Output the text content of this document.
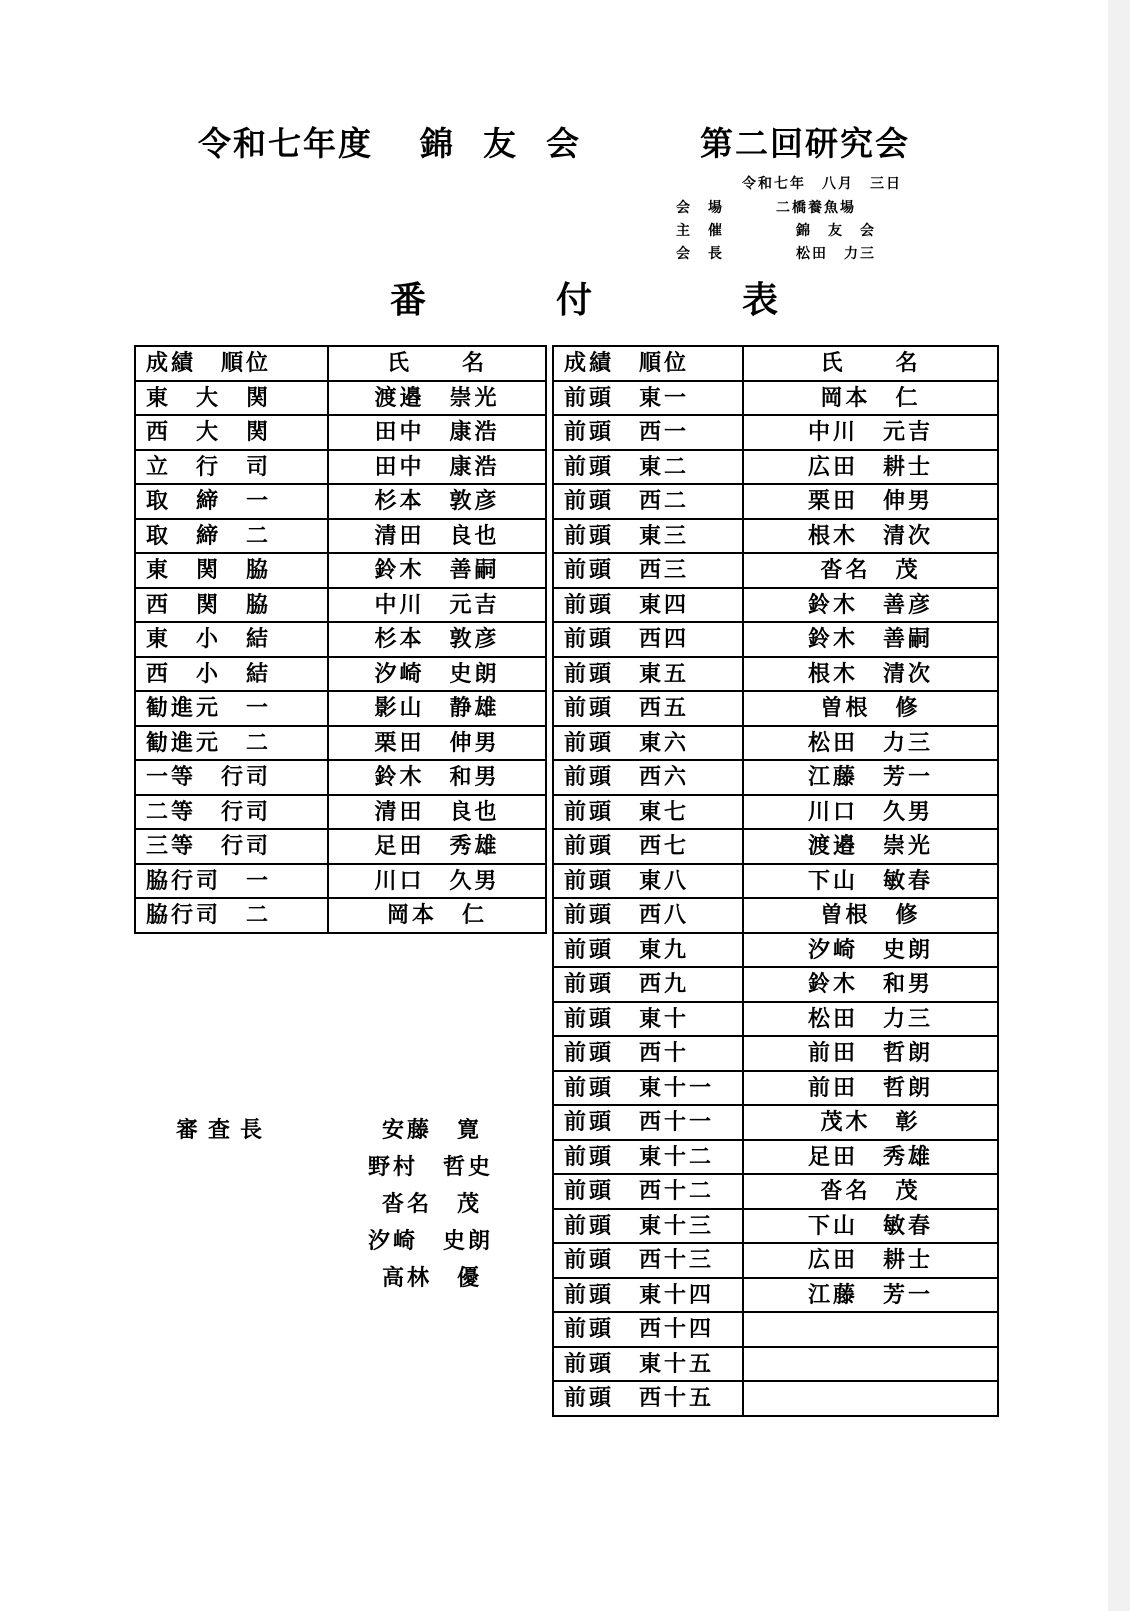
令和七年度 錦友会	第二回研究会
令和七年　八月　三日
会　場	二橋養魚場
主　催	錦　友　会
会　長	松田　力三
番	付	表
成績　順位	氏　　名
東　大　関	渡邉　崇光
西　大　関	田中　康浩
立　行　司	田中　康浩
取　締　一	杉本　敦彦
取　締　二	清田　良也
東　関　脇	鈴木　善嗣
西　関　脇	中川　元吉
東　小　結	杉本　敦彦
西　小　結	汐崎　史朗
勧進元　一	影山　静雄
勧進元　二	栗田　伸男
一等　行司	鈴木　和男
二等　行司	清田　良也
三等　行司	足田　秀雄
脇行司　一	川口　久男
脇行司　二	岡本　仁
成績　順位	氏　　名
前頭　東一	岡本　仁
前頭　西一	中川　元吉
前頭　東二	広田　耕士
前頭　西二	栗田　伸男
前頭　東三	根木　清次
前頭　西三	沓名　茂
前頭　東四	鈴木　善彦
前頭　西四	鈴木　善嗣
前頭　東五	根木　清次
前頭　西五	曽根　修
前頭　東六	松田　力三
前頭　西六	江藤　芳一
前頭　東七	川口　久男
前頭　西七	渡邉　崇光
前頭　東八	下山　敏春
前頭　西八	曽根　修
前頭　東九	汐崎　史朗
前頭　西九	鈴木　和男
前頭　東十	松田　力三
前頭　西十	前田　哲朗
前頭　東十一	前田　哲朗
前頭　西十一	茂木　彰
前頭　東十二	足田　秀雄
前頭　西十二	沓名　茂
前頭　東十三	下山　敏春
前頭　西十三	広田　耕士
前頭　東十四	江藤　芳一
前頭　西十四	
前頭　東十五	
前頭　西十五	
審査長	安藤　寛
野村　哲史
沓名　茂
汐崎　史朗
高林　優
